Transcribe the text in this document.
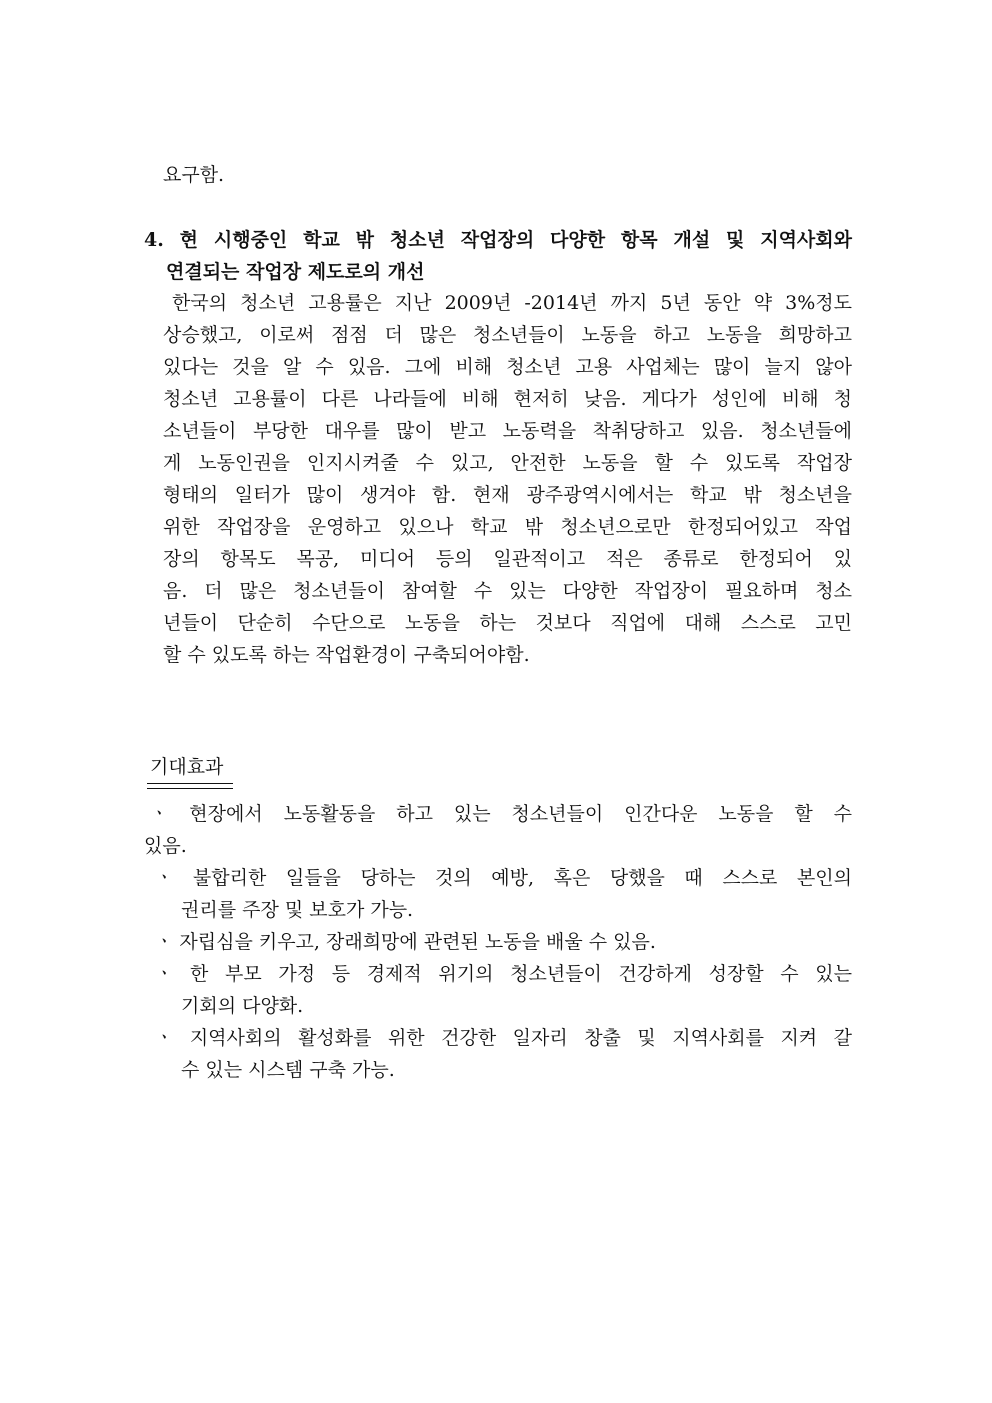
요구함.
4. 현 시행중인 학교 밖 청소년 작업장의 다양한 항목 개설 및 지역사회와
연결되는 작업장 제도로의 개선
한국의 청소년 고용률은 지난 2009년 -2014년 까지 5년 동안 약 3%정도
상승했고, 이로써 점점 더 많은 청소년들이 노동을 하고 노동을 희망하고
있다는 것을 알 수 있음. 그에 비해 청소년 고용 사업체는 많이 늘지 않아
청소년 고용률이 다른 나라들에 비해 현저히 낮음. 게다가 성인에 비해 청
소년들이 부당한 대우를 많이 받고 노동력을 착취당하고 있음. 청소년들에
게 노동인권을 인지시켜줄 수 있고, 안전한 노동을 할 수 있도록 작업장
형태의 일터가 많이 생겨야 함. 현재 광주광역시에서는 학교 밖 청소년을
위한 작업장을 운영하고 있으나 학교 밖 청소년으로만 한정되어있고 작업
장의 항목도 목공, 미디어 등의 일관적이고 적은 종류로 한정되어 있
음. 더 많은 청소년들이 참여할 수 있는 다양한 작업장이 필요하며 청소
년들이 단순히 수단으로 노동을 하는 것보다 직업에 대해 스스로 고민
할 수 있도록 하는 작업환경이 구축되어야함.
기대효과
ㆍ 현장에서 노동활동을 하고 있는 청소년들이 인간다운 노동을 할 수
있음.
ㆍ 불합리한 일들을 당하는 것의 예방, 혹은 당했을 때 스스로 본인의
권리를 주장 및 보호가 가능.
ㆍ 자립심을 키우고, 장래희망에 관련된 노동을 배울 수 있음.
ㆍ 한 부모 가정 등 경제적 위기의 청소년들이 건강하게 성장할 수 있는
기회의 다양화.
ㆍ 지역사회의 활성화를 위한 건강한 일자리 창출 및 지역사회를 지켜 갈
수 있는 시스템 구축 가능.
